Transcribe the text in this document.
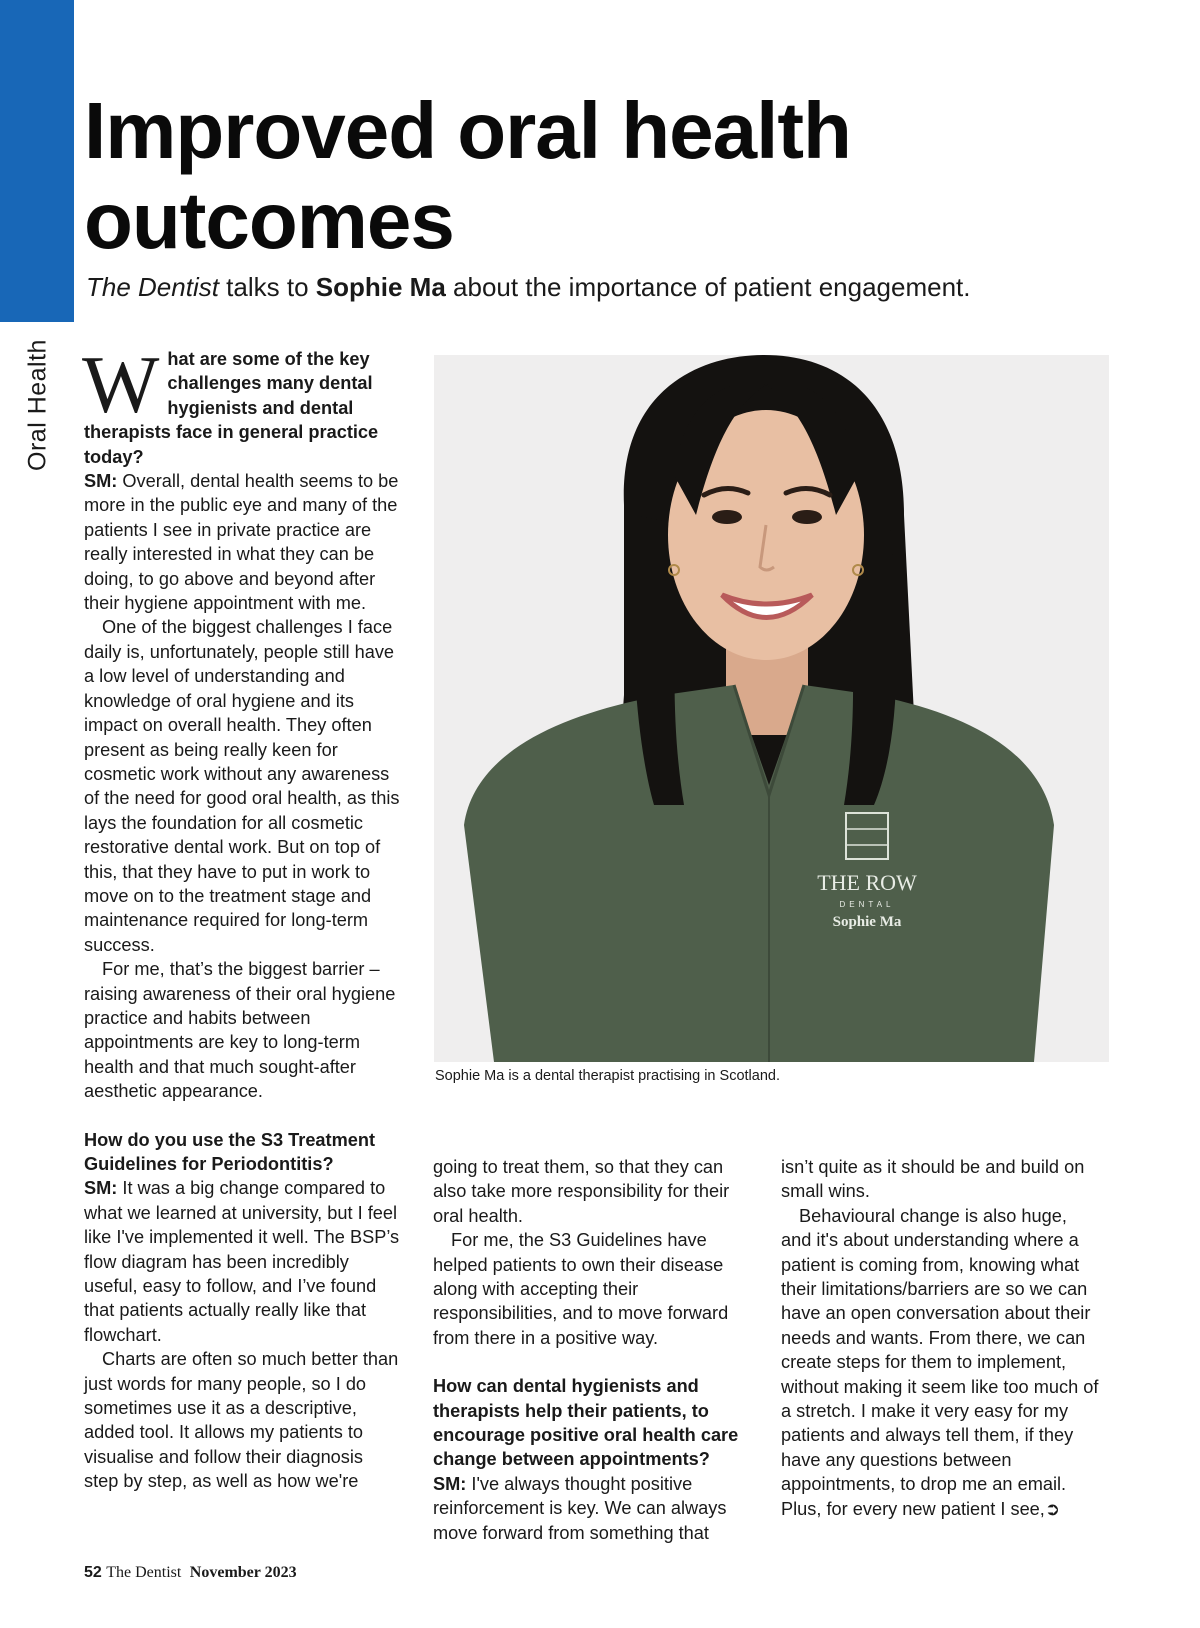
Oral Health
Improved oral health outcomes
The Dentist talks to Sophie Ma about the importance of patient engagement.

What are some of the key challenges many dental hygienists and dental therapists face in general practice today?

SM: Overall, dental health seems to be more in the public eye and many of the patients I see in private practice are really interested in what they can be doing, to go above and beyond after their hygiene appointment with me.

One of the biggest challenges I face daily is, unfortunately, people still have a low level of understanding and knowledge of oral hygiene and its impact on overall health. They often present as being really keen for cosmetic work without any awareness of the need for good oral health, as this lays the foundation for all cosmetic restorative dental work. But on top of this, that they have to put in work to move on to the treatment stage and maintenance required for long-term success.

For me, that’s the biggest barrier – raising awareness of their oral hygiene practice and habits between appointments are key to long-term health and that much sought-after aesthetic appearance.

How do you use the S3 Treatment Guidelines for Periodontitis?

SM: It was a big change compared to what we learned at university, but I feel like I've implemented it well. The BSP’s flow diagram has been incredibly useful, easy to follow, and I’ve found that patients actually really like that flowchart.

Charts are often so much better than just words for many people, so I do sometimes use it as a descriptive, added tool. It allows my patients to visualise and follow their diagnosis step by step, as well as how we're

THE ROW
DENTAL
Sophie Ma
Sophie Ma is a dental therapist practising in Scotland.

going to treat them, so that they can also take more responsibility for their oral health.

For me, the S3 Guidelines have helped patients to own their disease along with accepting their responsibilities, and to move forward from there in a positive way.

How can dental hygienists and therapists help their patients, to encourage positive oral health care change between appointments?

SM: I've always thought positive reinforcement is key. We can always move forward from something that

isn’t quite as it should be and build on small wins.

Behavioural change is also huge, and it's about understanding where a patient is coming from, knowing what their limitations/barriers are so we can have an open conversation about their needs and wants. From there, we can create steps for them to implement, without making it seem like too much of a stretch. I make it very easy for my patients and always tell them, if they have any questions between appointments, to drop me an email. Plus, for every new patient I see,➲

52 The Dentist November 2023
